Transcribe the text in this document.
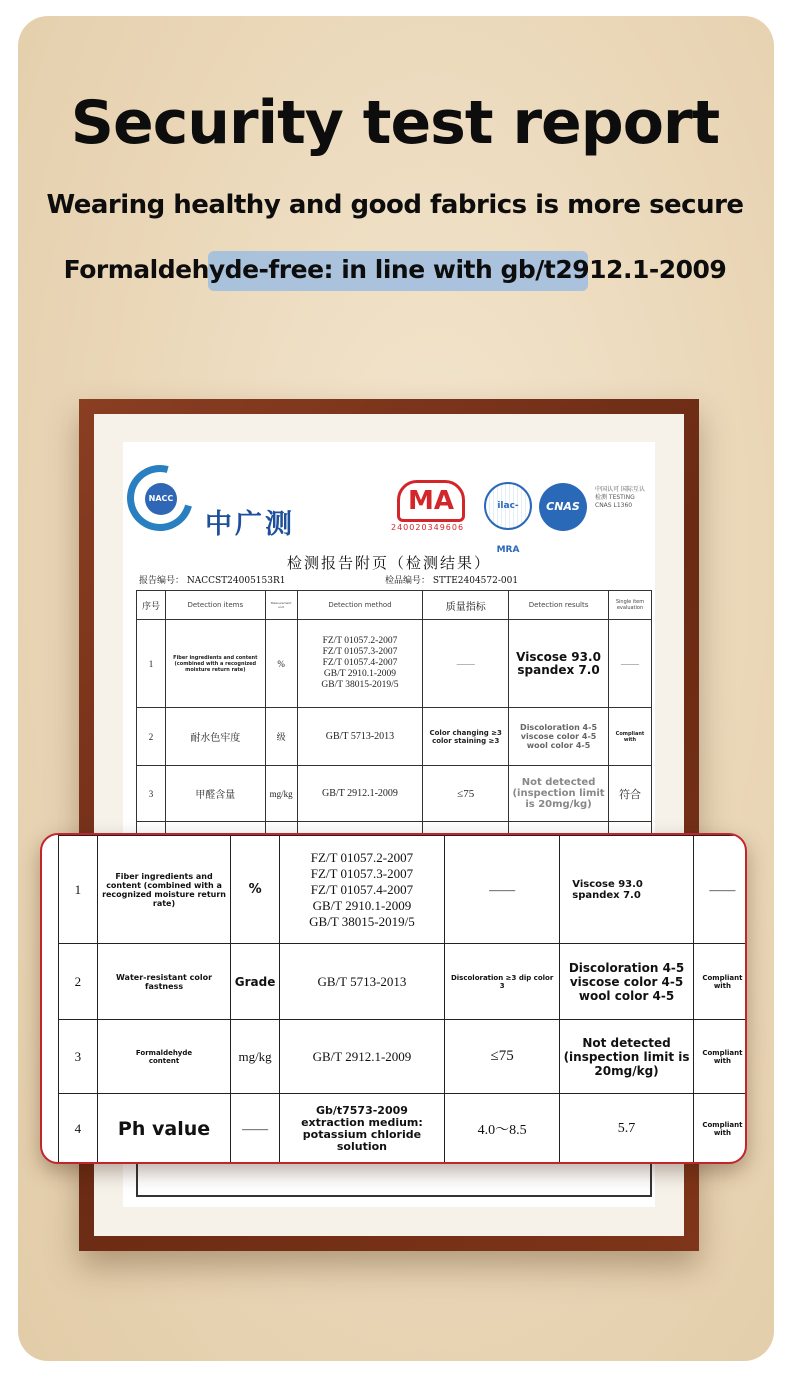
Security test report
Wearing healthy and good fabrics is more secure
Formaldehyde-free: in line with gb/t2912.1-2009
NACC
中广测
MA
240020349606
ilac-MRA
CNAS
中国认可 国际互认 检测 TESTING CNAS L1360
检测报告附页（检测结果）
报告编号： NACCST24005153R1	检品编号： STTE2404572-001
序号	Detection items	Measurement unit	Detection method	质量指标	Detection results	Single item evaluation
1	Fiber ingredients and content (combined with a recognized moisture return rate)	%	FZ/T 01057.2-2007
FZ/T 01057.3-2007
FZ/T 01057.4-2007
GB/T 2910.1-2009
GB/T 38015-2019/5	——	Viscose 93.0
spandex 7.0	——
2	耐水色牢度	级	GB/T 5713-2013	Color changing ≥3 color staining ≥3	Discoloration 4-5 viscose color 4-5 wool color 4-5	Compliant with
3	甲醛含量	mg/kg	GB/T 2912.1-2009	≤75	Not detected (inspection limit is 20mg/kg)	符合

1	Fiber ingredients and content (combined with a recognized moisture return rate)	%	FZ/T 01057.2-2007
FZ/T 01057.3-2007
FZ/T 01057.4-2007
GB/T 2910.1-2009
GB/T 38015-2019/5	——	Viscose 93.0
spandex 7.0	——
2	Water-resistant color fastness	Grade	GB/T 5713-2013	Discoloration ≥3 dip color 3	Discoloration 4-5 viscose color 4-5 wool color 4-5	Compliant with
3	Formaldehyde content	mg/kg	GB/T 2912.1-2009	≤75	Not detected (inspection limit is 20mg/kg)	Compliant with
4	Ph value	——	Gb/t7573-2009 extraction medium: potassium chloride solution	4.0～8.5	5.7	Compliant with
